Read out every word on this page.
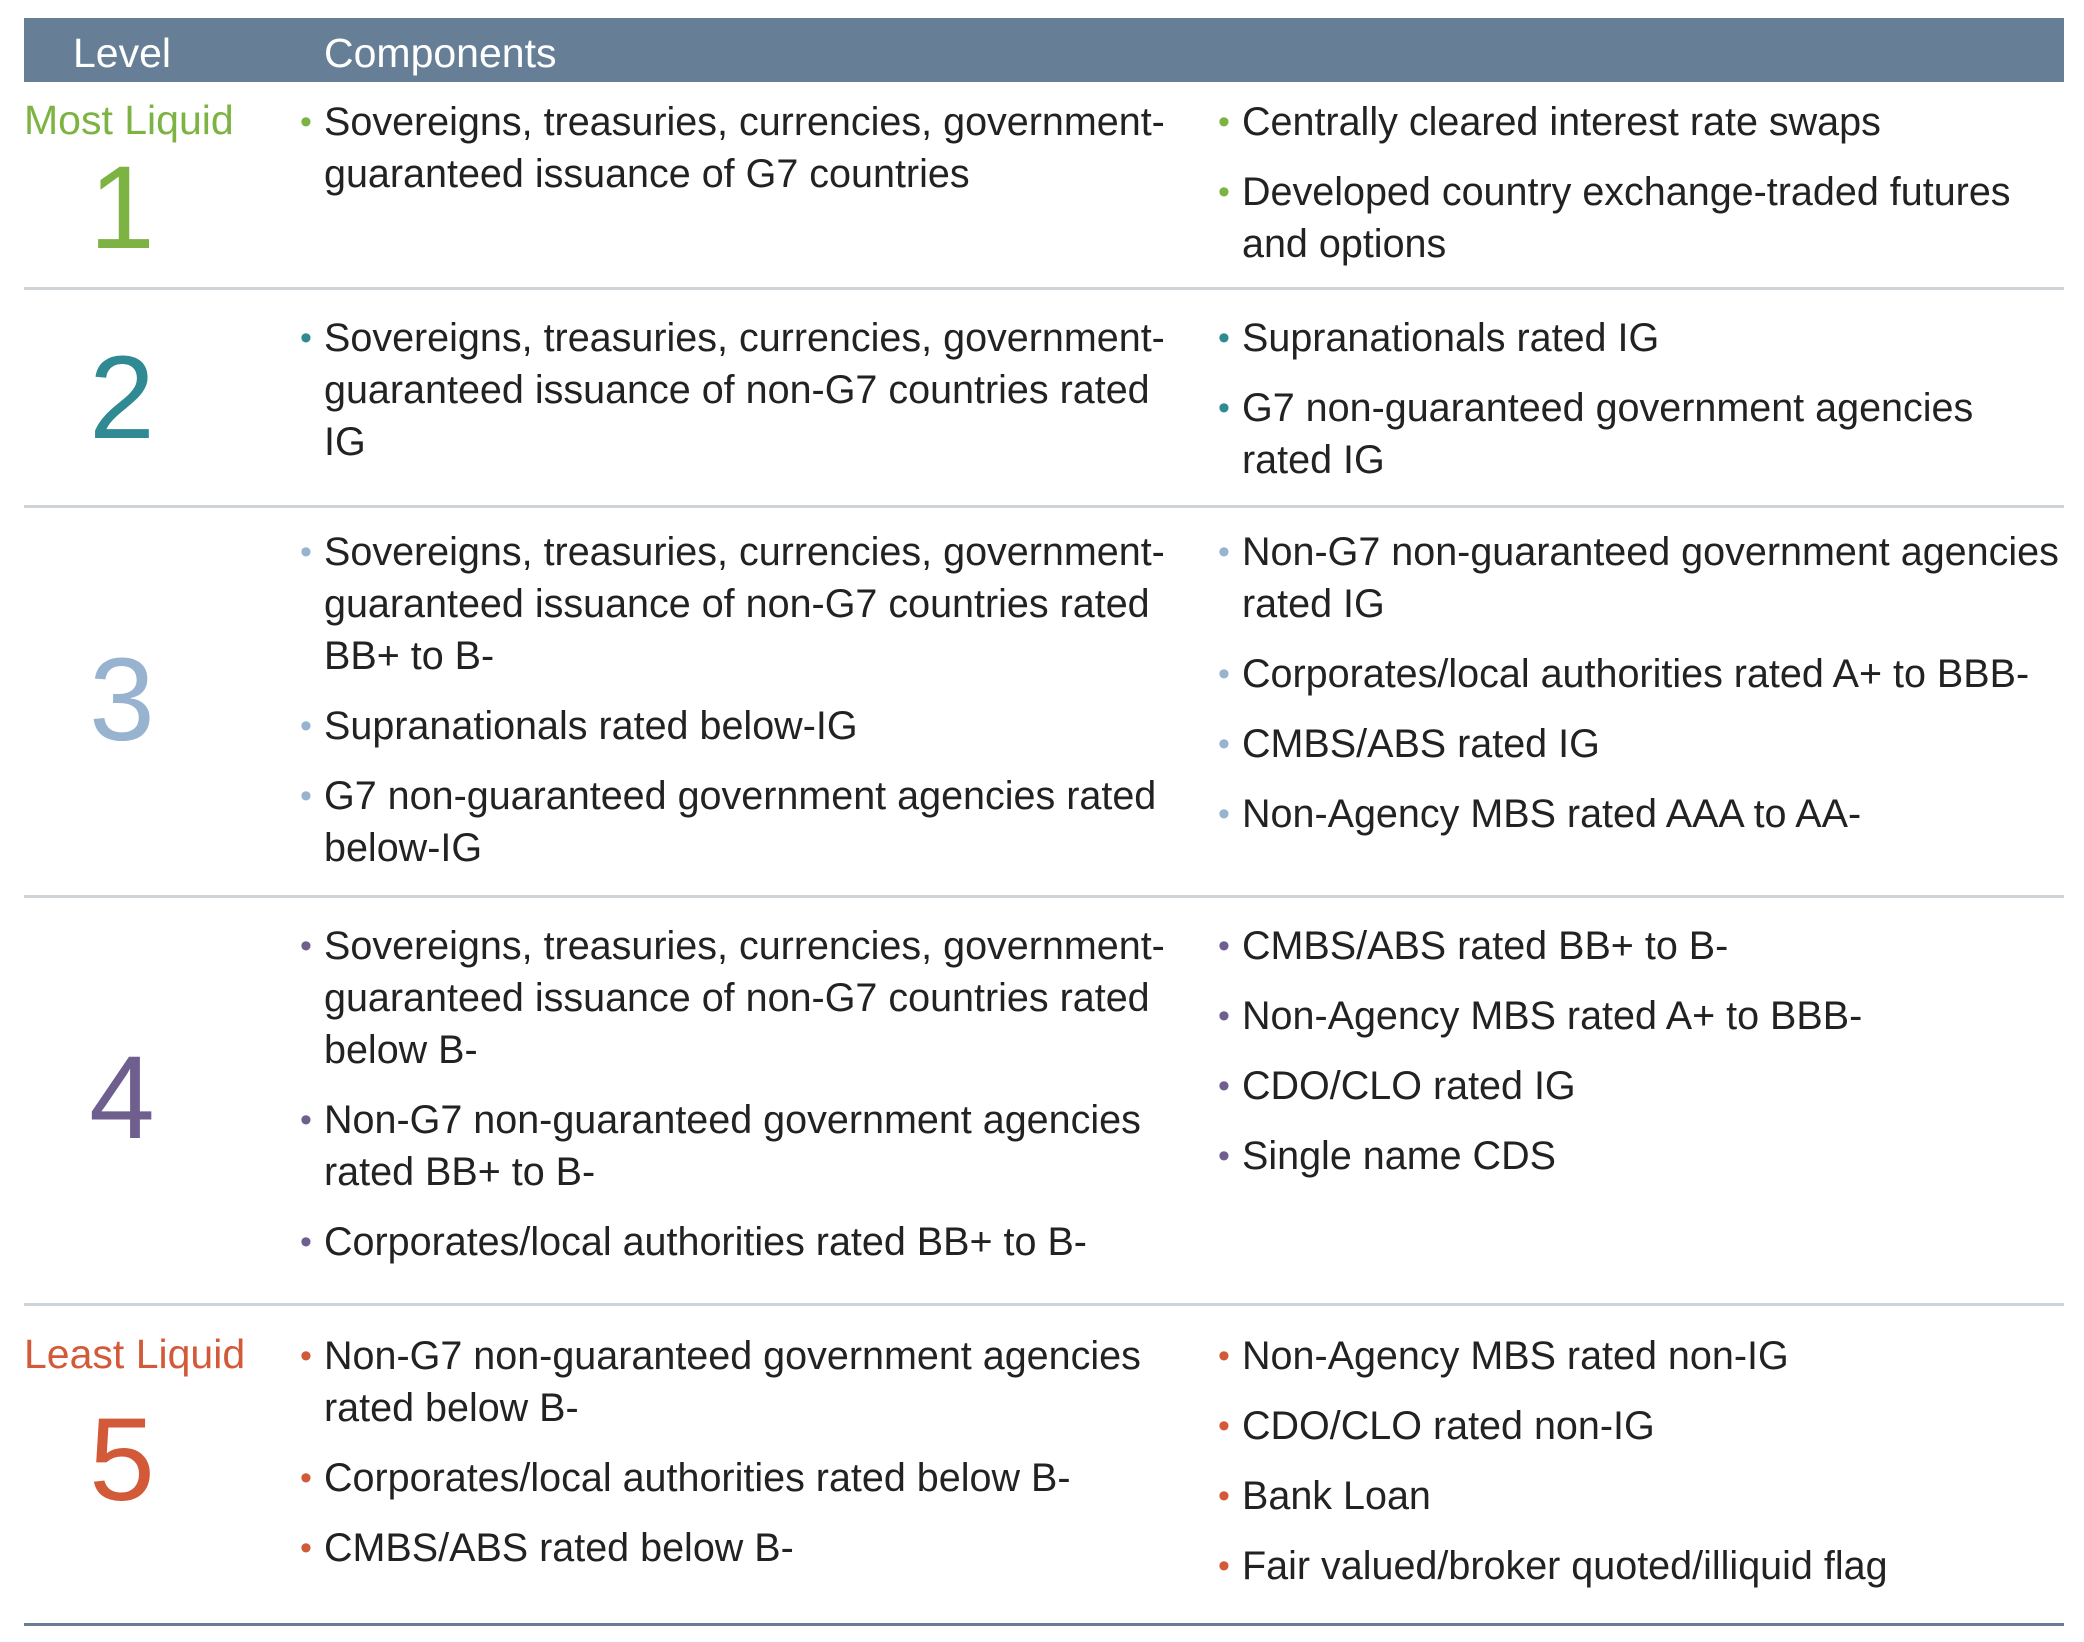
Level	Components
Most Liquid
1
• Sovereigns, treasuries, currencies, government-guaranteed issuance of G7 countries
• Centrally cleared interest rate swaps
• Developed country exchange-traded futures and options
2	• Sovereigns, treasuries, currencies, government-guaranteed issuance of non-G7 countries rated IG
• Supranationals rated IG
• G7 non-guaranteed government agencies rated IG
3
• Sovereigns, treasuries, currencies, government-guaranteed issuance of non-G7 countries rated BB+ to B-
• Supranationals rated below-IG
• G7 non-guaranteed government agencies rated below-IG
• Non-G7 non-guaranteed government agencies rated IG
• Corporates/local authorities rated A+ to BBB-
• CMBS/ABS rated IG
• Non-Agency MBS rated AAA to AA-
4
• Sovereigns, treasuries, currencies, government-guaranteed issuance of non-G7 countries rated below B-
• Non-G7 non-guaranteed government agencies rated BB+ to B-
• Corporates/local authorities rated BB+ to B-
• CMBS/ABS rated BB+ to B-
• Non-Agency MBS rated A+ to BBB-
• CDO/CLO rated IG
• Single name CDS
Least Liquid
5
• Non-G7 non-guaranteed government agencies rated below B-
• Corporates/local authorities rated below B-
• CMBS/ABS rated below B-
• Non-Agency MBS rated non-IG
• CDO/CLO rated non-IG
• Bank Loan
• Fair valued/broker quoted/illiquid flag
